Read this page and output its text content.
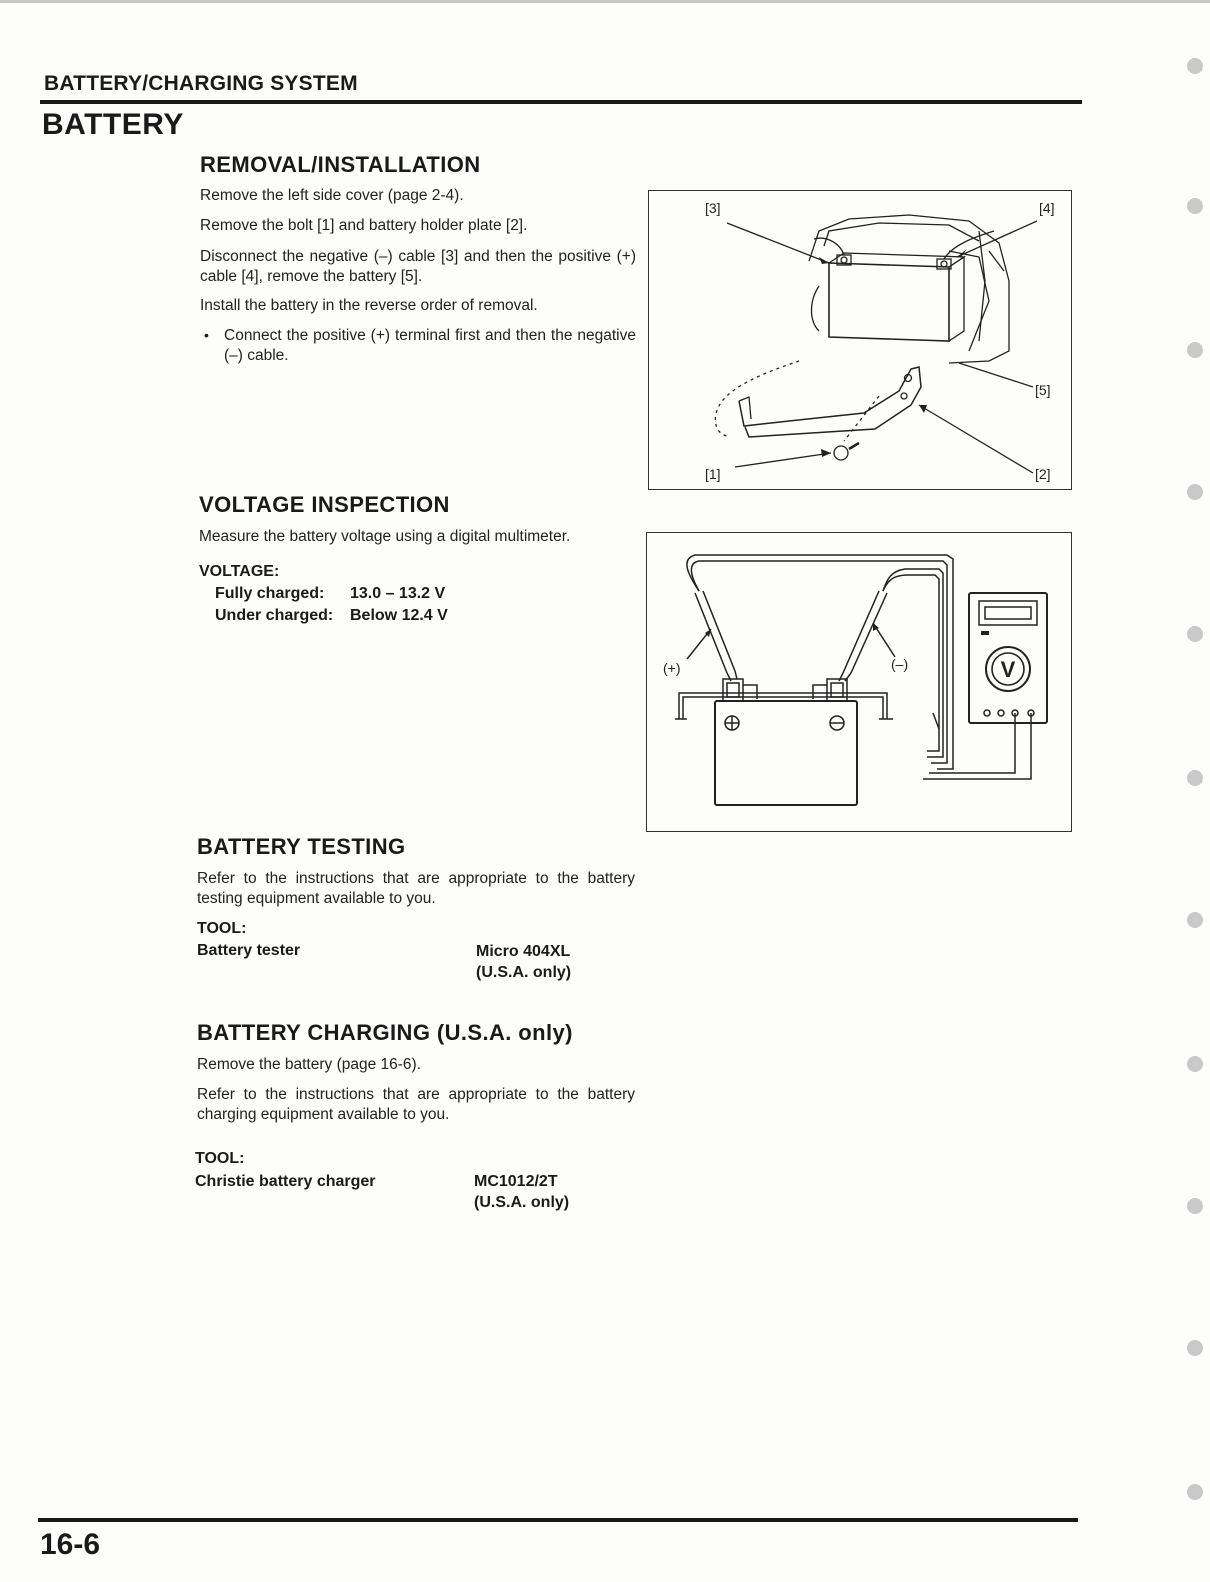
BATTERY/CHARGING SYSTEM
BATTERY
REMOVAL/INSTALLATION
Remove the left side cover (page 2-4).
Remove the bolt [1] and battery holder plate [2].
Disconnect the negative (–) cable [3] and then the positive (+) cable [4], remove the battery [5].
Install the battery in the reverse order of removal.
• Connect the positive (+) terminal first and then the negative (–) cable.
[3]	[4]
[5]
[1]	[2]
VOLTAGE INSPECTION
Measure the battery voltage using a digital multimeter.
VOLTAGE:
Fully charged: 13.0 – 13.2 V
Under charged: Below 12.4 V
V
(+)	(–)
BATTERY TESTING
Refer to the instructions that are appropriate to the battery testing equipment available to you.
TOOL:
Battery tester	Micro 404XL
(U.S.A. only)
BATTERY CHARGING (U.S.A. only)
Remove the battery (page 16-6).
Refer to the instructions that are appropriate to the battery charging equipment available to you.
TOOL:
Christie battery charger	MC1012/2T
(U.S.A. only)
16-6
